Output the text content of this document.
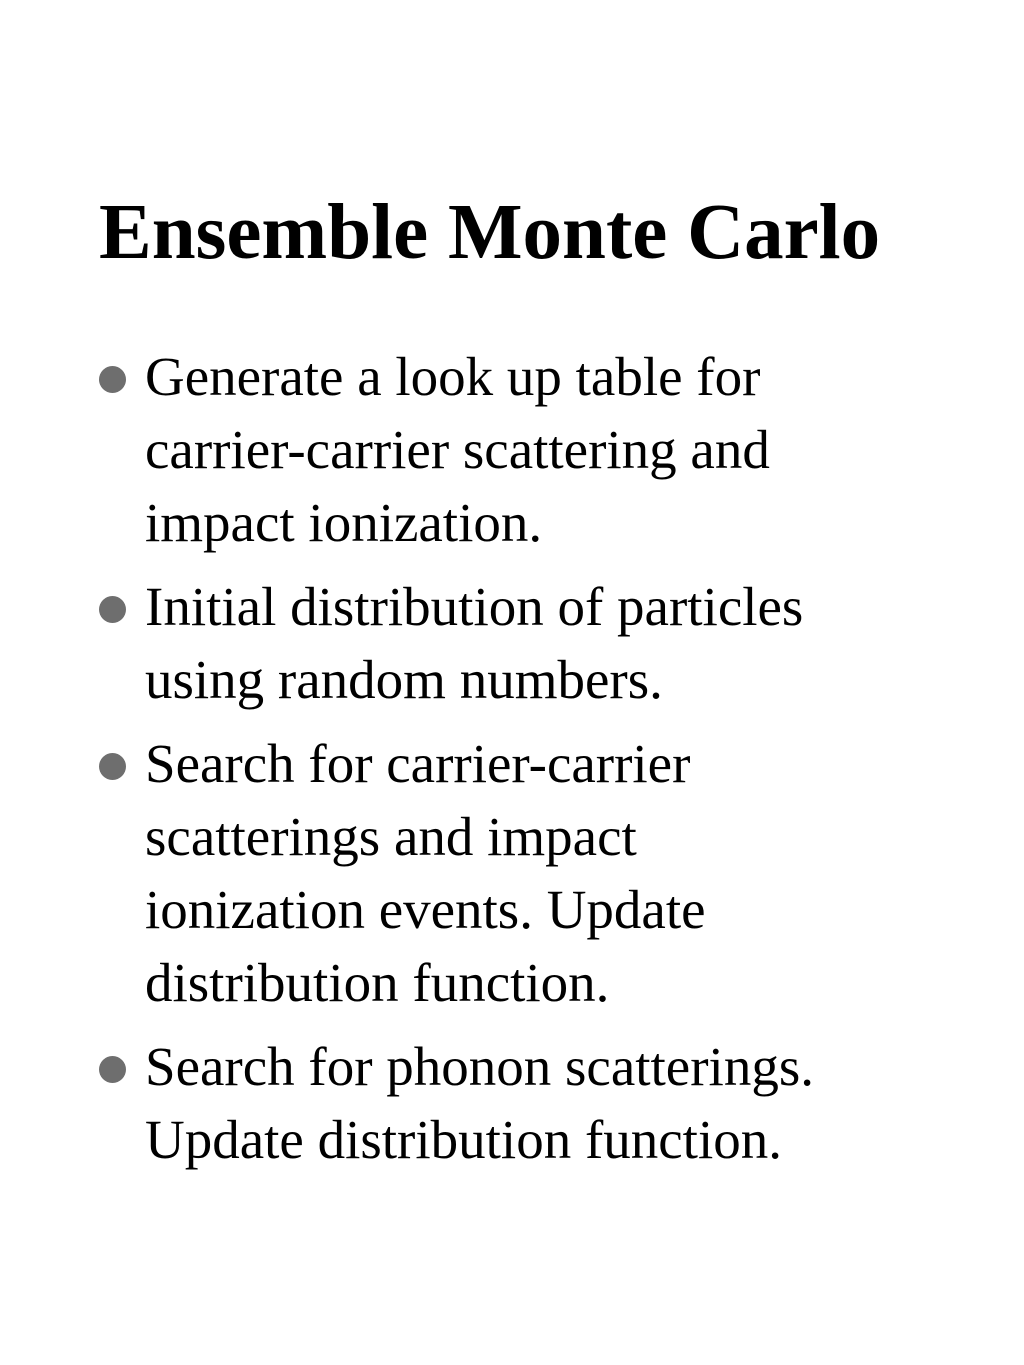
Ensemble Monte Carlo
Generate a look up table for
carrier-carrier scattering and
impact ionization.
Initial distribution of particles
using random numbers.
Search for carrier-carrier
scatterings and impact
ionization events. Update
distribution function.
Search for phonon scatterings.
Update distribution function.
